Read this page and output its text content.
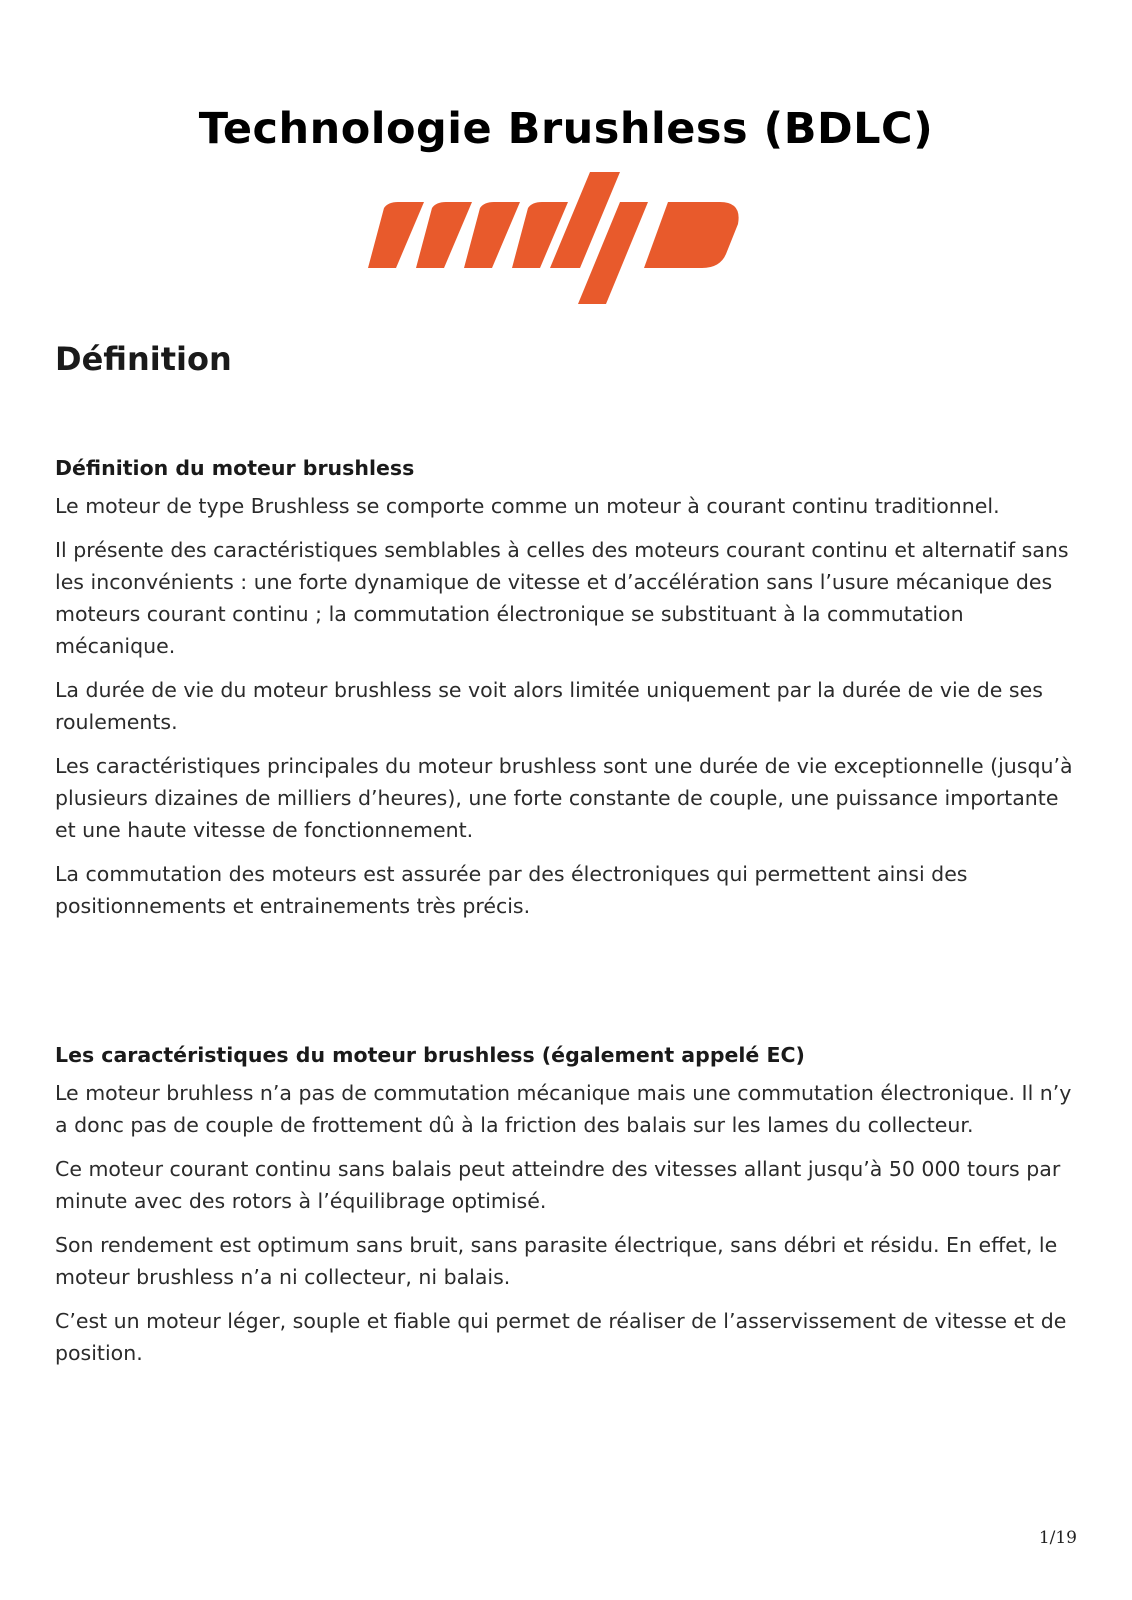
Technologie Brushless (BDLC)
Définition
Définition du moteur brushless

Le moteur de type Brushless se comporte comme un moteur à courant continu traditionnel.

Il présente des caractéristiques semblables à celles des moteurs courant continu et alternatif sans les inconvénients : une forte dynamique de vitesse et d’accélération sans l’usure mécanique des moteurs courant continu ; la commutation électronique se substituant à la commutation mécanique.

La durée de vie du moteur brushless se voit alors limitée uniquement par la durée de vie de ses roulements.

Les caractéristiques principales du moteur brushless sont une durée de vie exceptionnelle (jusqu’à plusieurs dizaines de milliers d’heures), une forte constante de couple, une puissance importante et une haute vitesse de fonctionnement.

La commutation des moteurs est assurée par des électroniques qui permettent ainsi des positionnements et entrainements très précis.

Les caractéristiques du moteur brushless (également appelé EC)

Le moteur bruhless n’a pas de commutation mécanique mais une commutation électronique. Il n’y a donc pas de couple de frottement dû à la friction des balais sur les lames du collecteur.

Ce moteur courant continu sans balais peut atteindre des vitesses allant jusqu’à 50 000 tours par minute avec des rotors à l’équilibrage optimisé.

Son rendement est optimum sans bruit, sans parasite électrique, sans débri et résidu. En effet, le moteur brushless n’a ni collecteur, ni balais.

C’est un moteur léger, souple et fiable qui permet de réaliser de l’asservissement de vitesse et de position.

1/19
